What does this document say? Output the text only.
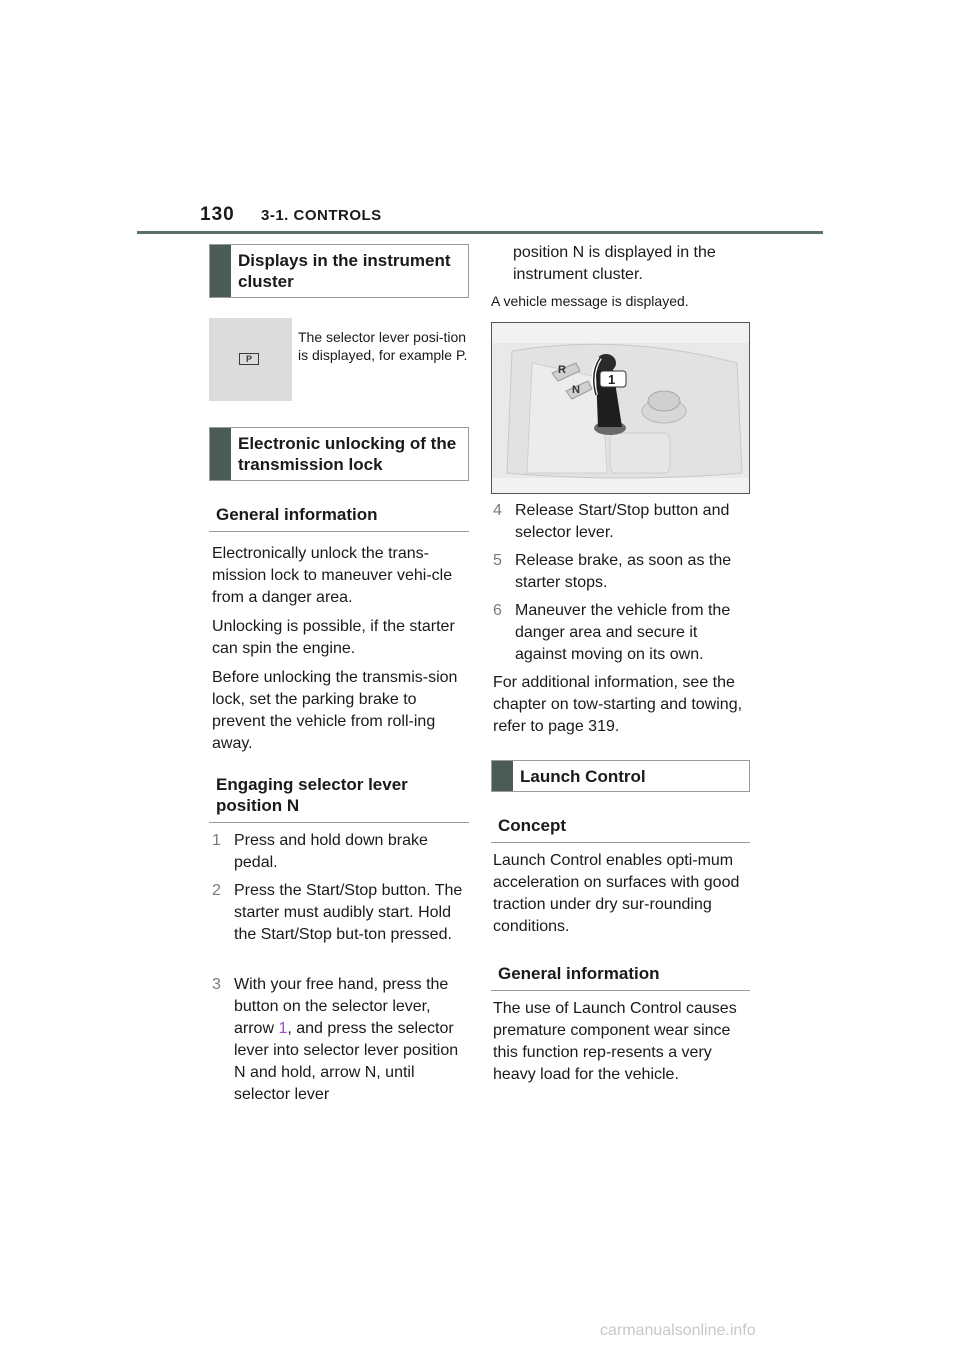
130 3-1. CONTROLS
Displays in the instrument cluster
P
The selector lever posi-tion is displayed, for example P.
Electronic unlocking of the transmission lock
General information

Electronically unlock the trans-mission lock to maneuver vehi-cle from a danger area.

Unlocking is possible, if the starter can spin the engine.

Before unlocking the transmis-sion lock, set the parking brake to prevent the vehicle from roll-ing away.

Engaging selector lever position N
1 Press and hold down brake pedal.
2 Press the Start/Stop button. The starter must audibly start. Hold the Start/Stop but-ton pressed.
3 With your free hand, press the button on the selector lever, arrow 1, and press the selector lever into selector lever position N and hold, arrow N, until selector lever
position N is displayed in the instrument cluster.
A vehicle message is displayed.
R
N
1
4 Release Start/Stop button and selector lever.
5 Release brake, as soon as the starter stops.
6 Maneuver the vehicle from the danger area and secure it against moving on its own.
For additional information, see the chapter on tow-starting and towing, refer to page 319.
Launch Control
Concept
Launch Control enables opti-mum acceleration on surfaces with good traction under dry sur-rounding conditions.
General information
The use of Launch Control causes premature component wear since this function rep-resents a very heavy load for the vehicle.
carmanualsonline.info
